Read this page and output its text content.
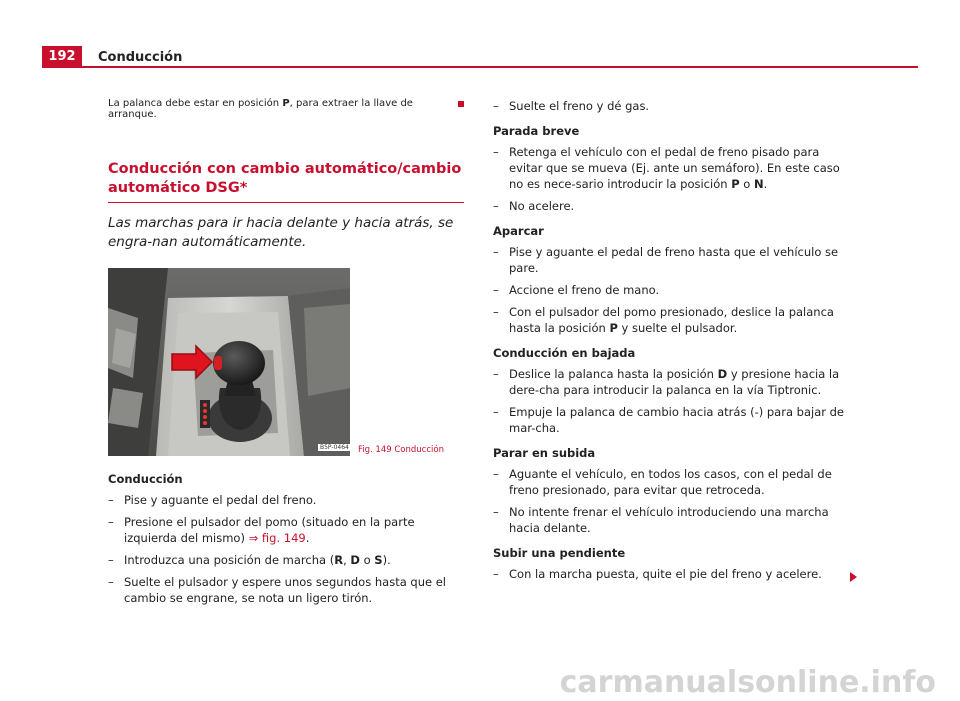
192	Conducción
La palanca debe estar en posición P, para extraer la llave de arranque.
Conducción con cambio automático/cambio automático DSG*
Las marchas para ir hacia delante y hacia atrás, se engra-nan automáticamente.
B5P-0464 Fig. 149 Conducción
Conducción
– Pise y aguante el pedal del freno.
– Presione el pulsador del pomo (situado en la parte izquierda del mismo) ⇒ fig. 149.
– Introduzca una posición de marcha (R, D o S).
– Suelte el pulsador y espere unos segundos hasta que el cambio se engrane, se nota un ligero tirón.
– Suelte el freno y dé gas.
Parada breve
– Retenga el vehículo con el pedal de freno pisado para evitar que se mueva (Ej. ante un semáforo). En este caso no es nece-sario introducir la posición P o N.
– No acelere.
Aparcar
– Pise y aguante el pedal de freno hasta que el vehículo se pare.
– Accione el freno de mano.
– Con el pulsador del pomo presionado, deslice la palanca hasta la posición P y suelte el pulsador.
Conducción en bajada
– Deslice la palanca hasta la posición D y presione hacia la dere-cha para introducir la palanca en la vía Tiptronic.
– Empuje la palanca de cambio hacia atrás (-) para bajar de mar-cha.
Parar en subida
– Aguante el vehículo, en todos los casos, con el pedal de freno presionado, para evitar que retroceda.
– No intente frenar el vehículo introduciendo una marcha hacia delante.
Subir una pendiente
– Con la marcha puesta, quite el pie del freno y acelere.
carmanualsonline.info
